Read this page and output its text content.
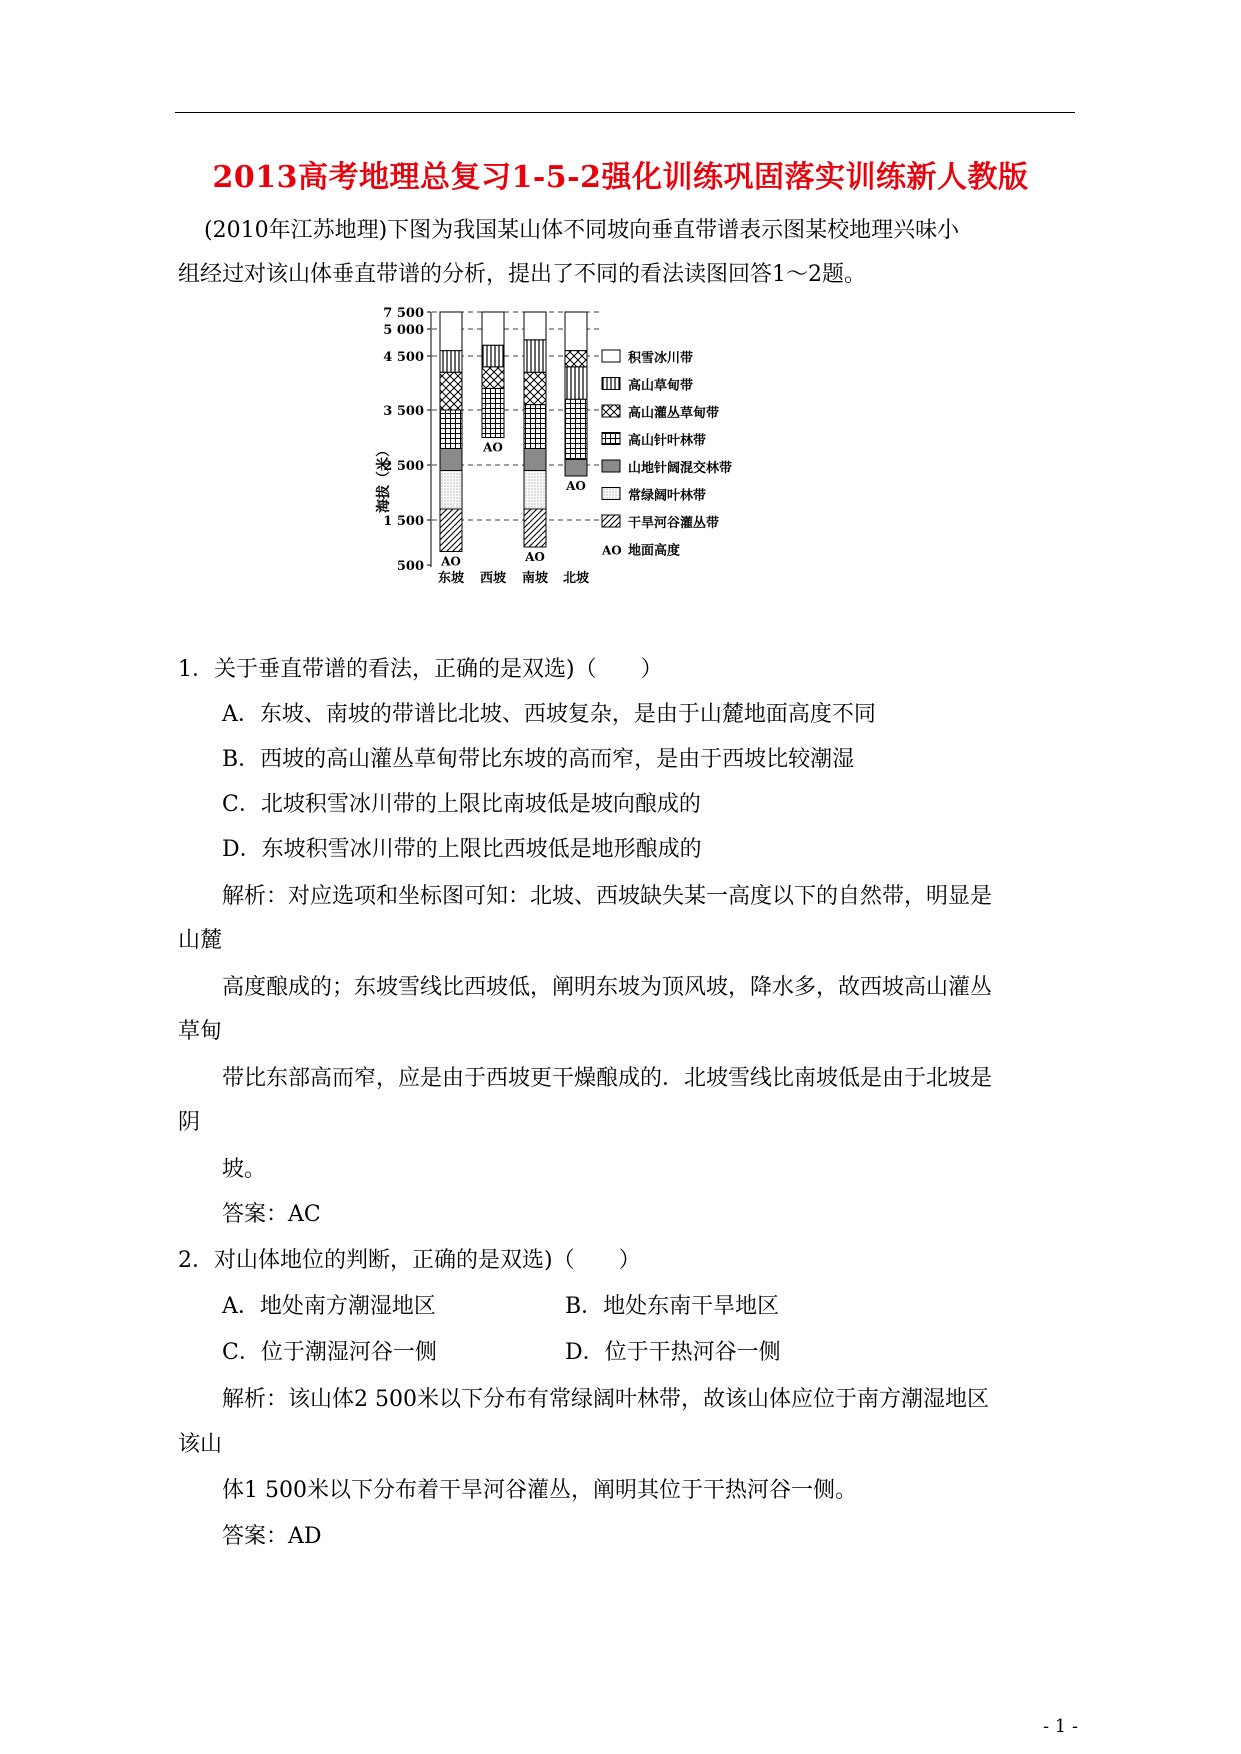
2013高考地理总复习1-5-2强化训练巩固落实训练新人教版
(2010年江苏地理)下图为我国某山体不同坡向垂直带谱表示图某校地理兴味小
组经过对该山体垂直带谱的分析，提出了不同的看法读图回答1～2题。
海拔（米）
7 500
5 000
4 500
3 500
2 500
1 500
500 AO
东坡
AO
西坡
AO
南坡
AO
北坡
积雪冰川带
高山草甸带
高山灌丛草甸带
高山针叶林带
山地针阔混交林带
常绿阔叶林带
干旱河谷灌丛带
AO 地面高度
1．关于垂直带谱的看法，正确的是双选)（　　）
A．东坡、南坡的带谱比北坡、西坡复杂，是由于山麓地面高度不同
B．西坡的高山灌丛草甸带比东坡的高而窄，是由于西坡比较潮湿
C．北坡积雪冰川带的上限比南坡低是坡向酿成的
D．东坡积雪冰川带的上限比西坡低是地形酿成的
解析：对应选项和坐标图可知：北坡、西坡缺失某一高度以下的自然带，明显是
山麓
高度酿成的；东坡雪线比西坡低，阐明东坡为顶风坡，降水多，故西坡高山灌丛
草甸
带比东部高而窄，应是由于西坡更干燥酿成的．北坡雪线比南坡低是由于北坡是
阴
坡。
答案：AC
2．对山体地位的判断，正确的是双选)（　　）
A．地处南方潮湿地区	B．地处东南干旱地区
C．位于潮湿河谷一侧	D．位于干热河谷一侧
解析：该山体2 500米以下分布有常绿阔叶林带，故该山体应位于南方潮湿地区
该山
体1 500米以下分布着干旱河谷灌丛，阐明其位于干热河谷一侧。
答案：AD
- 1 -
